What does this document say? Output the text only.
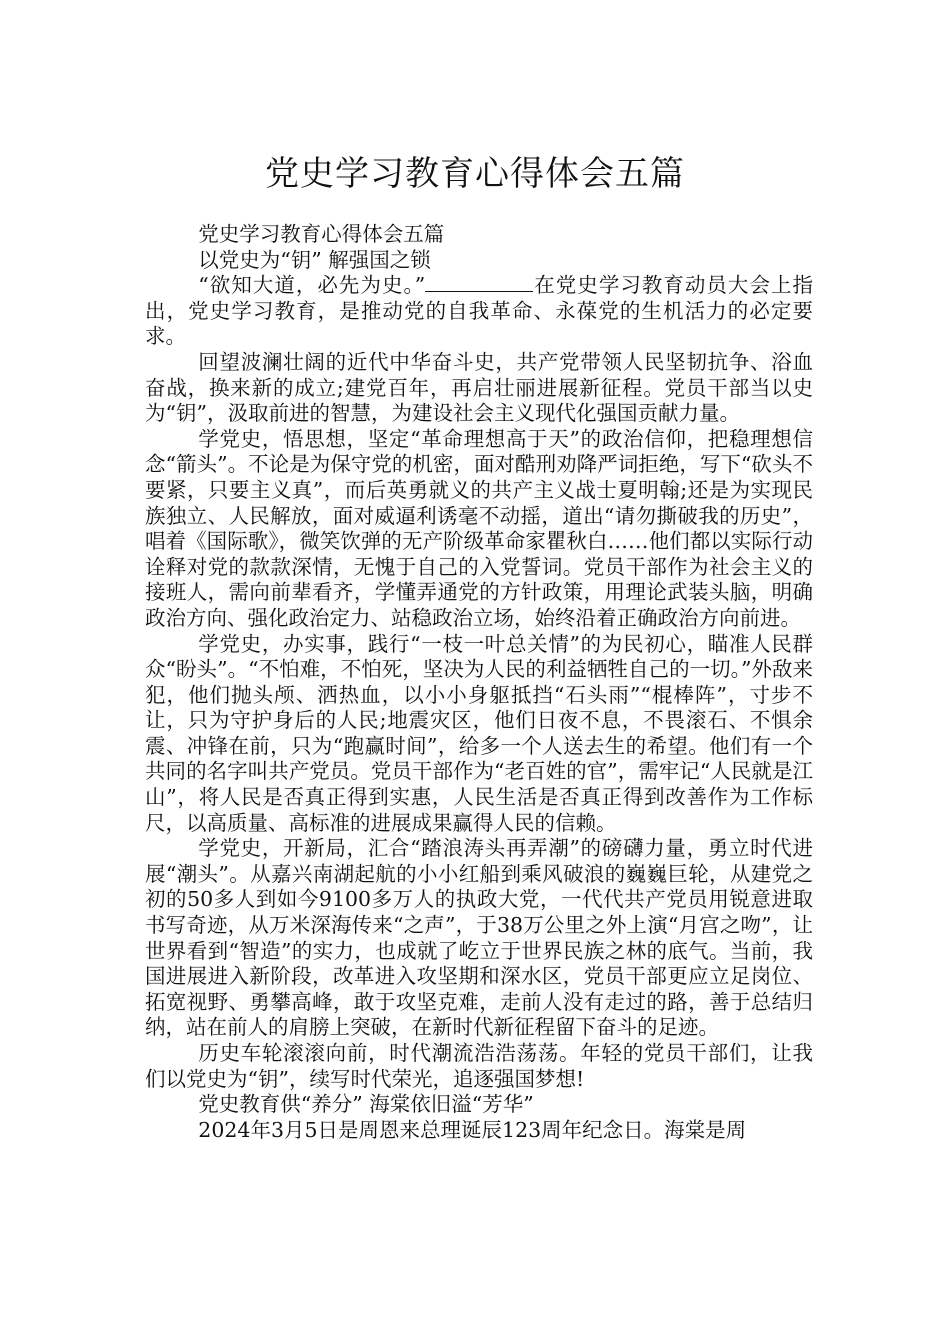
党史学习教育心得体会五篇

党史学习教育心得体会五篇

以党史为“钥” 解强国之锁

“欲知大道，必先为史。”	在党史学习教育动员大会上指出，党史学习教育，是推动党的自我革命、永葆党的生机活力的必定要求。

回望波澜壮阔的近代中华奋斗史，共产党带领人民坚韧抗争、浴血奋战，换来新的成立;建党百年，再启壮丽进展新征程。党员干部当以史为“钥”，汲取前进的智慧，为建设社会主义现代化强国贡献力量。

学党史，悟思想，坚定“革命理想高于天”的政治信仰，把稳理想信念“箭头”。不论是为保守党的机密，面对酷刑劝降严词拒绝，写下“砍头不要紧，只要主义真”，而后英勇就义的共产主义战士夏明翰;还是为实现民族独立、人民解放，面对威逼利诱毫不动摇，道出“请勿撕破我的历史”，唱着《国际歌》，微笑饮弹的无产阶级革命家瞿秋白……他们都以实际行动诠释对党的款款深情，无愧于自己的入党誓词。党员干部作为社会主义的接班人，需向前辈看齐，学懂弄通党的方针政策，用理论武装头脑，明确政治方向、强化政治定力、站稳政治立场，始终沿着正确政治方向前进。

学党史，办实事，践行“一枝一叶总关情”的为民初心，瞄准人民群众“盼头”。“不怕难，不怕死，坚决为人民的利益牺牲自己的一切。”外敌来犯，他们抛头颅、洒热血，以小小身躯抵挡“石头雨”“棍棒阵”，寸步不让，只为守护身后的人民;地震灾区，他们日夜不息，不畏滚石、不惧余震、冲锋在前，只为“跑赢时间”，给多一个人送去生的希望。他们有一个共同的名字叫共产党员。党员干部作为“老百姓的官”，需牢记“人民就是江山”，将人民是否真正得到实惠，人民生活是否真正得到改善作为工作标尺，以高质量、高标准的进展成果赢得人民的信赖。

学党史，开新局，汇合“踏浪涛头再弄潮”的磅礴力量，勇立时代进展“潮头”。从嘉兴南湖起航的小小红船到乘风破浪的巍巍巨轮，从建党之初的50多人到如今9100多万人的执政大党，一代代共产党员用锐意进取书写奇迹，从万米深海传来“之声”，于38万公里之外上演“月宫之吻”，让世界看到“智造”的实力，也成就了屹立于世界民族之林的底气。当前，我国进展进入新阶段，改革进入攻坚期和深水区，党员干部更应立足岗位、拓宽视野、勇攀高峰，敢于攻坚克难，走前人没有走过的路，善于总结归纳，站在前人的肩膀上突破，在新时代新征程留下奋斗的足迹。

历史车轮滚滚向前，时代潮流浩浩荡荡。年轻的党员干部们，让我们以党史为“钥”，续写时代荣光，追逐强国梦想!

党史教育供“养分” 海棠依旧溢“芳华”

2024年3月5日是周恩来总理诞辰123周年纪念日。海棠是周
